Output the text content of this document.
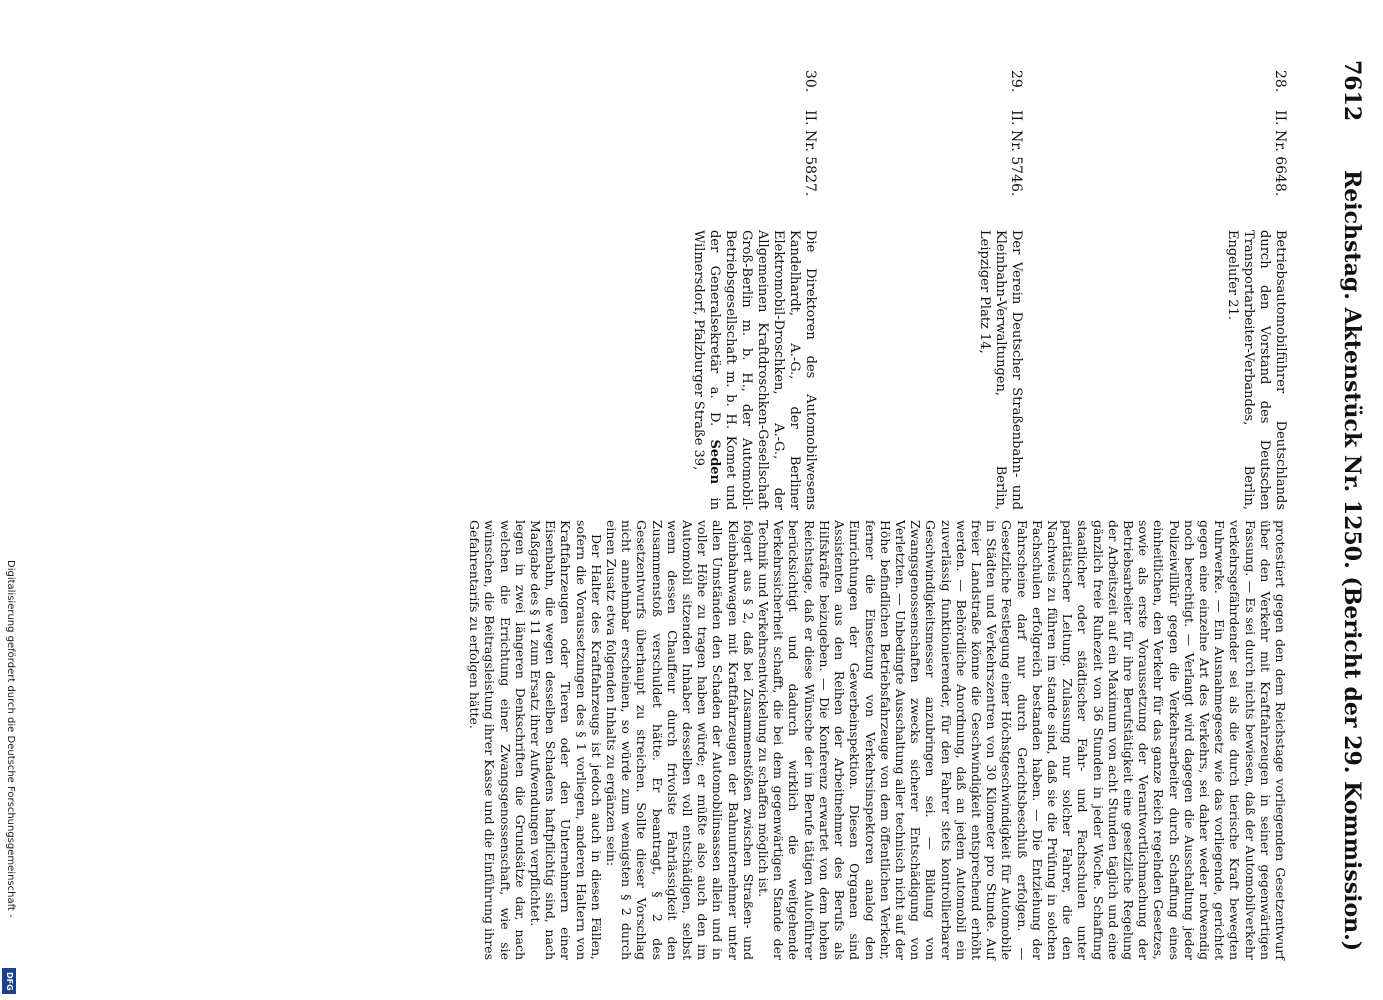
7612
Reichstag. Aktenstück Nr. 1250. (Bericht der 29. Kommission.)
28.
II. Nr. 6648.
Betriebsautomobilführer Deutschlands durch den Vorstand des Deutschen Transportarbeiter-Verbandes, Berlin, Engelufer 21.
29.
II. Nr. 5746.
Der Verein Deutscher Straßenbahn- und Kleinbahn-Verwaltungen, Berlin, Leipziger Platz 14,
30.
II. Nr. 5827.
Die Direktoren des Automobilwesens Kandelhardt, A.-G., der Berliner Elektromobil-Droschken, A.-G., der Allgemeinen Kraftdroschken-Gesellschaft Groß-Berlin m. b. H., der Automobil-Betriebsgesellschaft m. b. H. Komet und der Generalsekretär a. D. Seden in Wilmersdorf, Pfalzburger Straße 39,

protestiert gegen den dem Reichstage vorliegenden Gesetzentwurf über den Verkehr mit Kraftfahrzeugen in seiner gegenwärtigen Fassung. — Es sei durch nichts bewiesen, daß der Automobilverkehr verkehrsgefährdender sei als die durch tierische Kraft bewegten Fuhrwerke. — Ein Ausnahmegesetz wie das vorliegende, gerichtet gegen eine einzelne Art des Verkehrs, sei daher weder notwendig noch berechtigt. — Verlangt wird dagegen die Ausschaltung jeder Polizeiwillkür gegen die Verkehrsarbeiter durch Schaffung eines einheitlichen, den Verkehr für das ganze Reich regelnden Gesetzes, sowie als erste Voraussetzung der Verantwortlichmachung der Betriebsarbeiter für ihre Berufstätigkeit eine gesetzliche Regelung der Arbeitszeit auf ein Maximum von acht Stunden täglich und eine gänzlich freie Ruhezeit von 36 Stunden in jeder Woche. Schaffung staatlicher oder städtischer Fahr- und Fachschulen unter paritätischer Leitung. Zulassung nur solcher Fahrer, die den Nachweis zu führen im stande sind, daß sie die Prüfung in solchen Fachschulen erfolgreich bestanden haben. — Die Entziehung der Fahrscheine darf nur durch Gerichtsbeschluß erfolgen. — Gesetzliche Festlegung einer Höchstgeschwindigkeit für Automobile in Städten und Verkehrszentren von 30 Kilometer pro Stunde. Auf freier Landstraße könne die Geschwindigkeit entsprechend erhöht werden. — Behördliche Anordnung, daß an jedem Automobil ein zuverlässig funktionierender, für den Fahrer stets kontrollierbarer Geschwindigkeitsmesser anzubringen sei. — Bildung von Zwangsgenossenschaften zwecks sicherer Entschädigung von Verletzten. — Unbedingte Ausschaltung aller technisch nicht auf der Höhe befindlichen Betriebsfahrzeuge von dem öffentlichen Verkehr, ferner die Einsetzung von Verkehrsinspektoren analog den Einrichtungen der Gewerbeinspektion. Diesen Organen sind Assistenten aus den Reihen der Arbeitnehmer des Berufs als Hilfskräfte beizugeben. — Die Konferenz erwartet von dem hohen Reichstage, daß er diese Wünsche der im Berufe tätigen Autoführer berücksichtigt und dadurch wirklich die weitgehende Verkehrssicherheit schafft, die bei dem gegenwärtigen Stande der Technik und Verkehrsentwickelung zu schaffen möglich ist.

folgert aus § 2, daß bei Zusammenstößen zwischen Straßen- und Kleinbahnwagen mit Kraftfahrzeugen der Bahnunternehmer unter allen Umständen den Schaden der Automobilinsassen allein und in voller Höhe zu tragen haben würde; er müßte also auch den im Automobil sitzenden Inhaber desselben voll entschädigen, selbst wenn dessen Chauffeur durch frivolste Fahrlässigkeit den Zusammenstoß verschuldet hätte. Er beantragt, § 2 des Gesetzentwurfs überhaupt zu streichen. Sollte dieser Vorschlag nicht annehmbar erscheinen, so würde zum wenigsten § 2 durch einen Zusatz etwa folgenden Inhalts zu ergänzen sein:

Der Halter des Kraftfahrzeugs ist jedoch auch in diesen Fällen, sofern die Voraussetzungen des § 1 vorliegen, anderen Haltern von Kraftfahrzeugen oder Tieren oder den Unternehmern einer Eisenbahn, die wegen desselben Schadens haftpflichtig sind, nach Maßgabe des § 11 zum Ersatz ihrer Aufwendungen verpflichtet.

legen in zwei längeren Denkschriften die Grundsätze dar, nach welchen die Errichtung einer Zwangsgenossenschaft, wie sie wünschen, die Beitragsleistung ihrer Kasse und die Einführung ihres Gefahrentarifs zu erfolgen hätte.

Digitalisierung gefördert durch die Deutsche Forschungsgemeinschaft -
DFG
